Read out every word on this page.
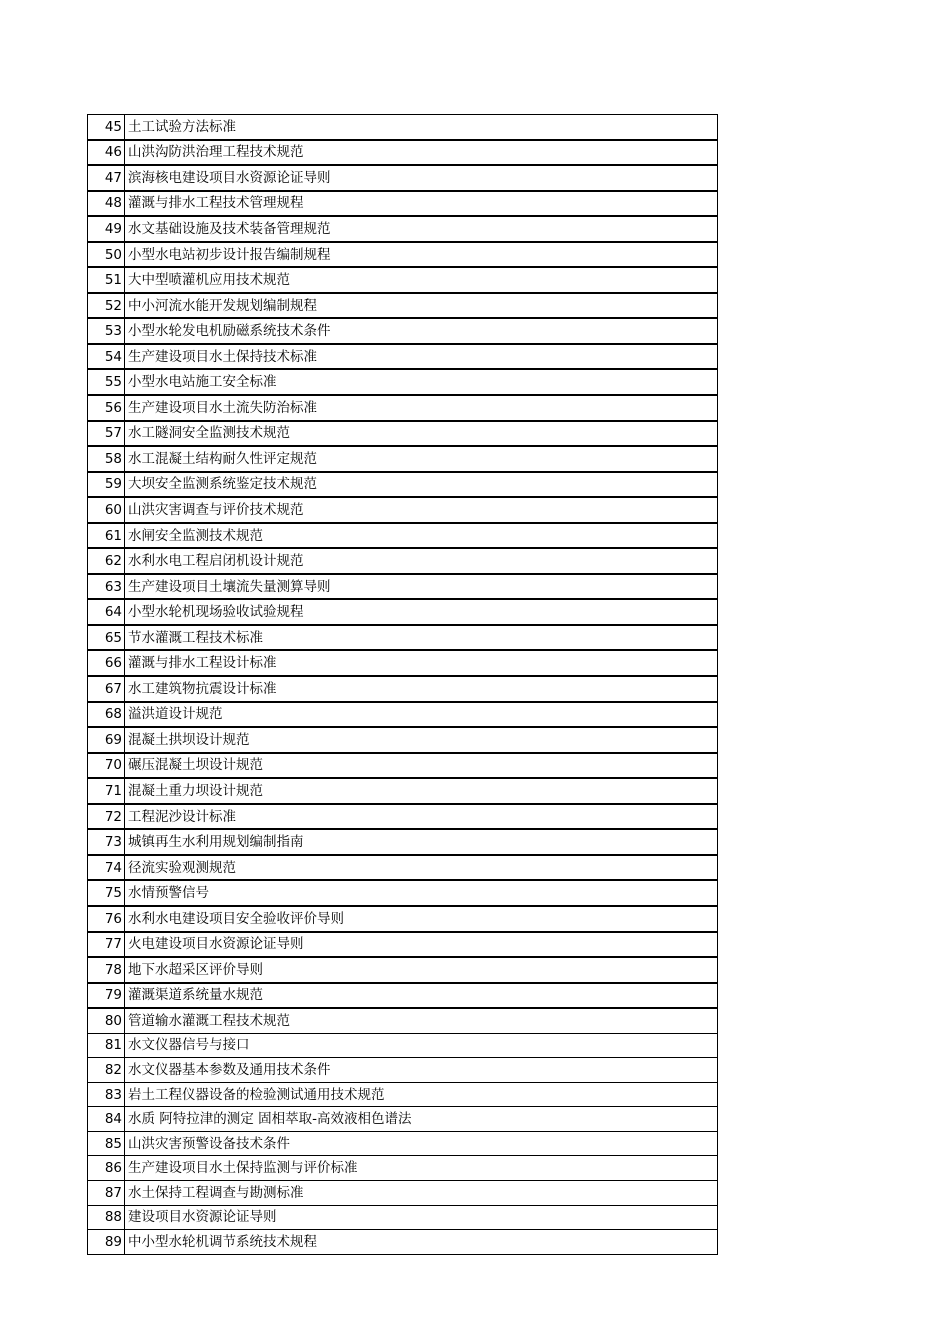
45	土工试验方法标准
46	山洪沟防洪治理工程技术规范
47	滨海核电建设项目水资源论证导则
48	灌溉与排水工程技术管理规程
49	水文基础设施及技术装备管理规范
50	小型水电站初步设计报告编制规程
51	大中型喷灌机应用技术规范
52	中小河流水能开发规划编制规程
53	小型水轮发电机励磁系统技术条件
54	生产建设项目水土保持技术标准
55	小型水电站施工安全标准
56	生产建设项目水土流失防治标准
57	水工隧洞安全监测技术规范
58	水工混凝土结构耐久性评定规范
59	大坝安全监测系统鉴定技术规范
60	山洪灾害调查与评价技术规范
61	水闸安全监测技术规范
62	水利水电工程启闭机设计规范
63	生产建设项目土壤流失量测算导则
64	小型水轮机现场验收试验规程
65	节水灌溉工程技术标准
66	灌溉与排水工程设计标准
67	水工建筑物抗震设计标准
68	溢洪道设计规范
69	混凝土拱坝设计规范
70	碾压混凝土坝设计规范
71	混凝土重力坝设计规范
72	工程泥沙设计标准
73	城镇再生水利用规划编制指南
74	径流实验观测规范
75	水情预警信号
76	水利水电建设项目安全验收评价导则
77	火电建设项目水资源论证导则
78	地下水超采区评价导则
79	灌溉渠道系统量水规范
80	管道输水灌溉工程技术规范
81	水文仪器信号与接口
82	水文仪器基本参数及通用技术条件
83	岩土工程仪器设备的检验测试通用技术规范
84	水质 阿特拉津的测定 固相萃取-高效液相色谱法
85	山洪灾害预警设备技术条件
86	生产建设项目水土保持监测与评价标准
87	水土保持工程调查与勘测标准
88	建设项目水资源论证导则
89	中小型水轮机调节系统技术规程
